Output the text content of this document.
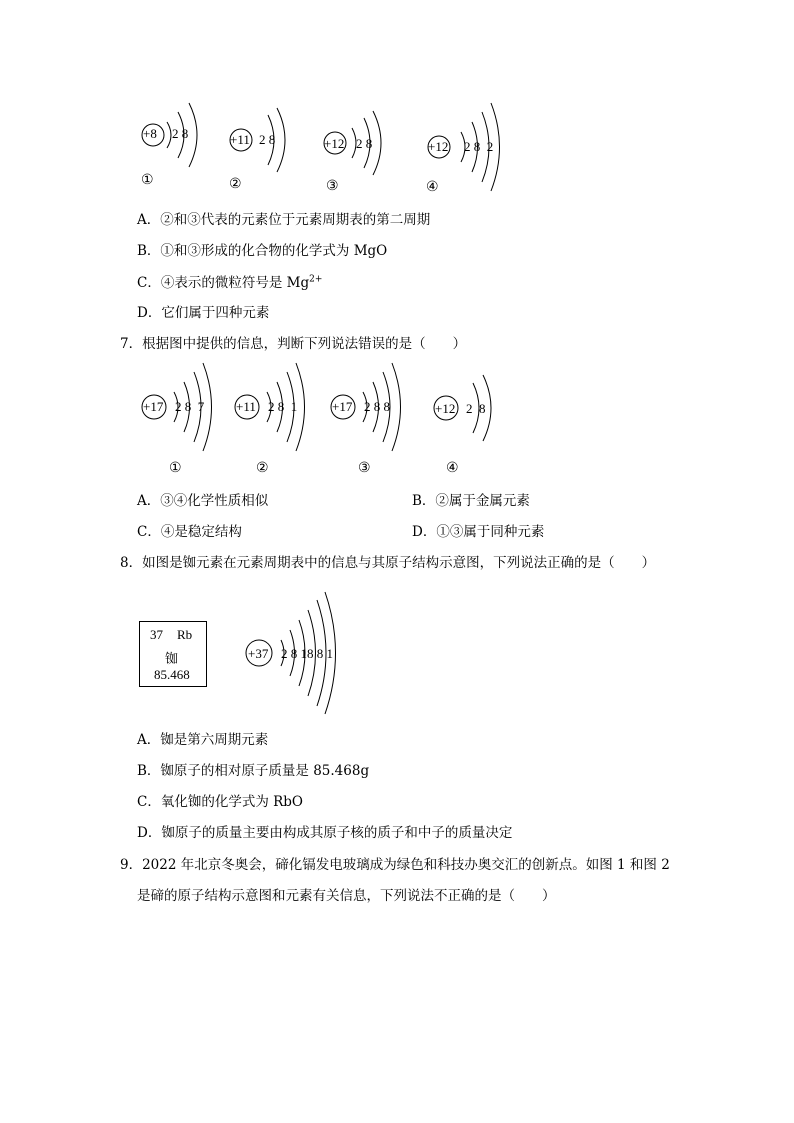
+8 2 8
①
+11 2 8
②
+12 2 8
③
+12 2 8  2
④
A．②和③代表的元素位于元素周期表的第二周期
B．①和③形成的化合物的化学式为 MgO
C．④表示的微粒符号是 $Mg^{2+}$
D．它们属于四种元素
7．根据图中提供的信息，判断下列说法错误的是（　　）
+17 2 8  7
①
+11 2 8  1
②
+17 2 8 8
③
+12 2  8
④
A．③④化学性质相似	B．②属于金属元素
C．④是稳定结构	D．①③属于同种元素
8．如图是铷元素在元素周期表中的信息与其原子结构示意图，下列说法正确的是（　　）
37 Rb
铷
85.468
+37 2 8 18 8 1
A．铷是第六周期元素
B．铷原子的相对原子质量是 85.468g
C．氧化铷的化学式为 RbO
D．铷原子的质量主要由构成其原子核的质子和中子的质量决定
9．2022 年北京冬奥会，碲化镉发电玻璃成为绿色和科技办奥交汇的创新点。如图 1 和图 2
是碲的原子结构示意图和元素有关信息，下列说法不正确的是（　　）
